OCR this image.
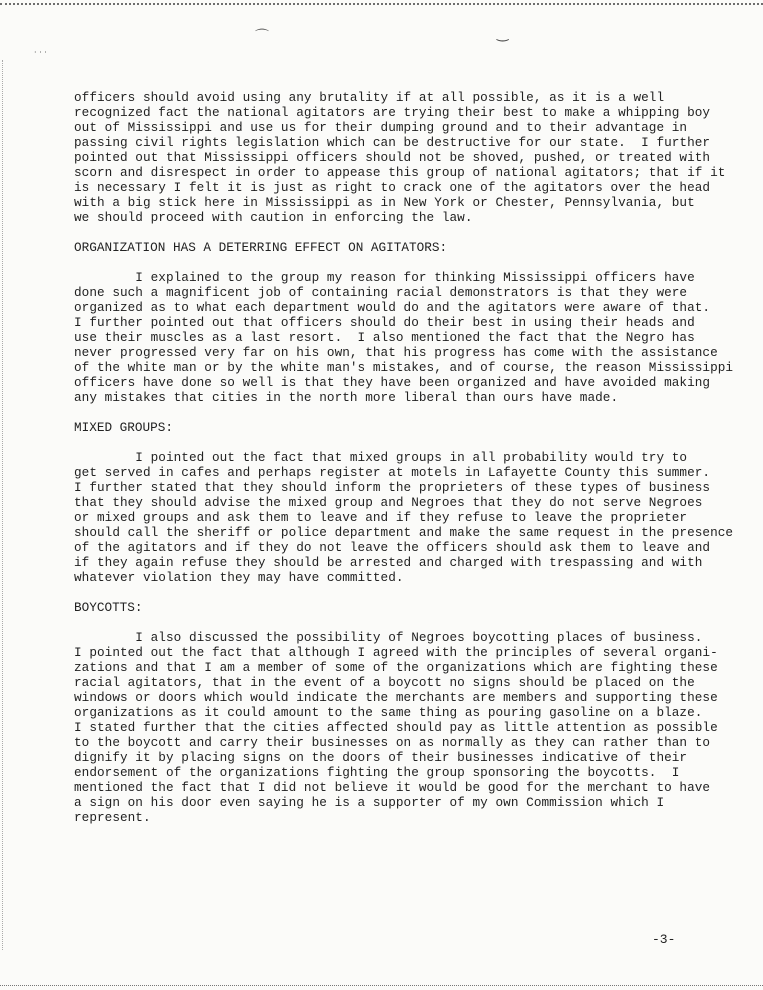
⌒	‿
· · ·

officers should avoid using any brutality if at all possible, as it is a well
recognized fact the national agitators are trying their best to make a whipping boy
out of Mississippi and use us for their dumping ground and to their advantage in
passing civil rights legislation which can be destructive for our state.  I further
pointed out that Mississippi officers should not be shoved, pushed, or treated with
scorn and disrespect in order to appease this group of national agitators; that if it
is necessary I felt it is just as right to crack one of the agitators over the head
with a big stick here in Mississippi as in New York or Chester, Pennsylvania, but
we should proceed with caution in enforcing the law.

ORGANIZATION HAS A DETERRING EFFECT ON AGITATORS:

I explained to the group my reason for thinking Mississippi officers have
done such a magnificent job of containing racial demonstrators is that they were
organized as to what each department would do and the agitators were aware of that.
I further pointed out that officers should do their best in using their heads and
use their muscles as a last resort.  I also mentioned the fact that the Negro has
never progressed very far on his own, that his progress has come with the assistance
of the white man or by the white man's mistakes, and of course, the reason Mississippi
officers have done so well is that they have been organized and have avoided making
any mistakes that cities in the north more liberal than ours have made.

MIXED GROUPS:

I pointed out the fact that mixed groups in all probability would try to
get served in cafes and perhaps register at motels in Lafayette County this summer.
I further stated that they should inform the proprieters of these types of business
that they should advise the mixed group and Negroes that they do not serve Negroes
or mixed groups and ask them to leave and if they refuse to leave the proprieter
should call the sheriff or police department and make the same request in the presence
of the agitators and if they do not leave the officers should ask them to leave and
if they again refuse they should be arrested and charged with trespassing and with
whatever violation they may have committed.

BOYCOTTS:

I also discussed the possibility of Negroes boycotting places of business.
I pointed out the fact that although I agreed with the principles of several organi-
zations and that I am a member of some of the organizations which are fighting these
racial agitators, that in the event of a boycott no signs should be placed on the
windows or doors which would indicate the merchants are members and supporting these
organizations as it could amount to the same thing as pouring gasoline on a blaze.
I stated further that the cities affected should pay as little attention as possible
to the boycott and carry their businesses on as normally as they can rather than to
dignify it by placing signs on the doors of their businesses indicative of their
endorsement of the organizations fighting the group sponsoring the boycotts.  I
mentioned the fact that I did not believe it would be good for the merchant to have
a sign on his door even saying he is a supporter of my own Commission which I
represent.

-3-
